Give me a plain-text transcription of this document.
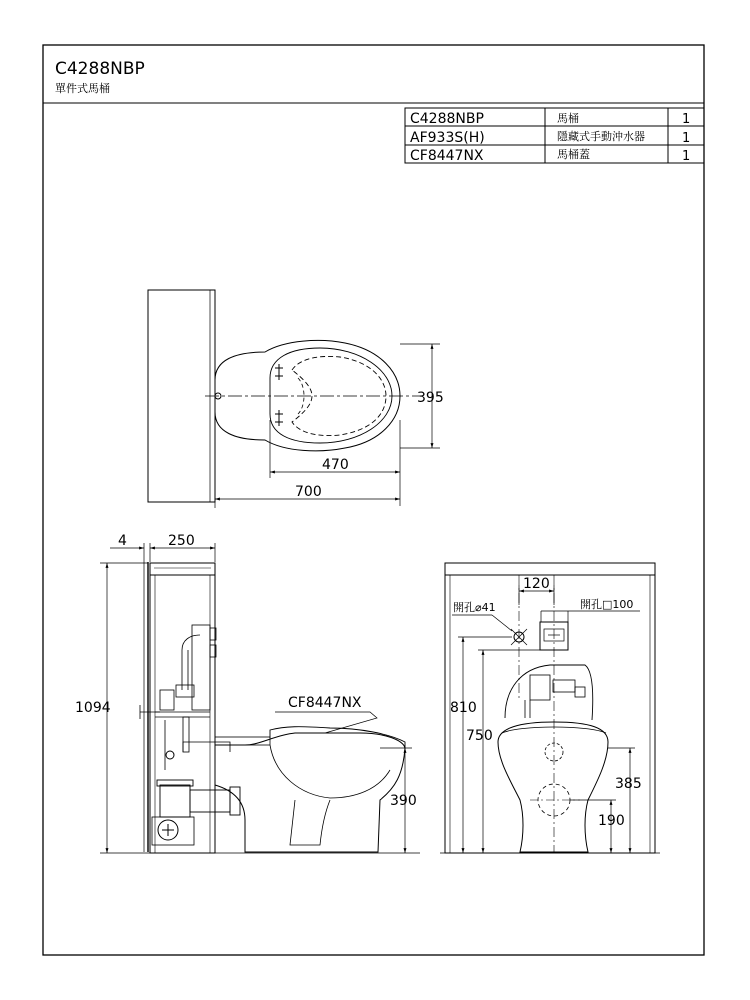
C4288NBP
單件式馬桶
C4288NBP	馬桶	1
AF933S(H)	隱藏式手動沖水器	1
CF8447NX	馬桶蓋	1
395
470
700
4	250
1094	CF8447NX
390
120
開孔⌀41	開孔□100
810
750
385
190
